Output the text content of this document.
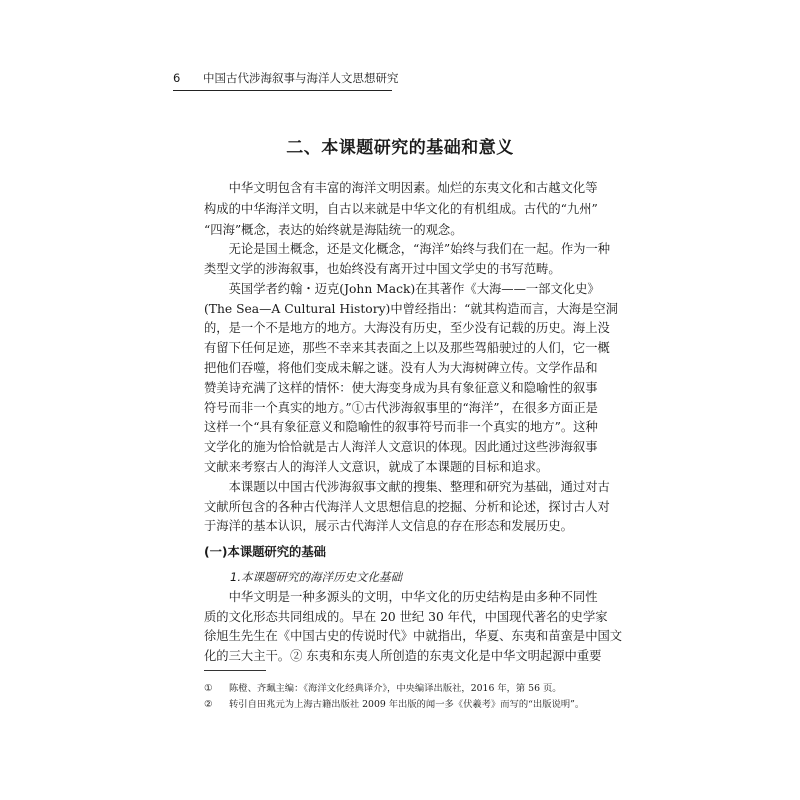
6 中国古代涉海叙事与海洋人文思想研究
二、本课题研究的基础和意义
　　中华文明包含有丰富的海洋文明因素。灿烂的东夷文化和古越文化等
构成的中华海洋文明，自古以来就是中华文化的有机组成。古代的“九州”
“四海”概念，表达的始终就是海陆统一的观念。
　　无论是国土概念，还是文化概念，“海洋”始终与我们在一起。作为一种
类型文学的涉海叙事，也始终没有离开过中国文学史的书写范畴。
　　英国学者约翰・迈克(John Mack)在其著作《大海——一部文化史》
(The Sea—A Cultural History)中曾经指出：“就其构造而言，大海是空洞
的，是一个不是地方的地方。大海没有历史，至少没有记载的历史。海上没
有留下任何足迹，那些不幸来其表面之上以及那些驾船驶过的人们，它一概
把他们吞噬，将他们变成未解之谜。没有人为大海树碑立传。文学作品和
赞美诗充满了这样的情怀：使大海变身成为具有象征意义和隐喻性的叙事
符号而非一个真实的地方。”①古代涉海叙事里的“海洋”，在很多方面正是
这样一个“具有象征意义和隐喻性的叙事符号而非一个真实的地方”。这种
文学化的施为恰恰就是古人海洋人文意识的体现。因此通过这些涉海叙事
文献来考察古人的海洋人文意识，就成了本课题的目标和追求。
　　本课题以中国古代涉海叙事文献的搜集、整理和研究为基础，通过对古
文献所包含的各种古代海洋人文思想信息的挖掘、分析和论述，探讨古人对
于海洋的基本认识，展示古代海洋人文信息的存在形态和发展历史。
(一)本课题研究的基础
1.本课题研究的海洋历史文化基础
　　中华文明是一种多源头的文明，中华文化的历史结构是由多种不同性
质的文化形态共同组成的。早在 20 世纪 30 年代，中国现代著名的史学家
徐旭生先生在《中国古史的传说时代》中就指出，华夏、东夷和苗蛮是中国文
化的三大主干。② 东夷和东夷人所创造的东夷文化是中华文明起源中重要
① 陈橙、齐珮主编：《海洋文化经典译介》，中央编译出版社，2016 年，第 56 页。
② 转引自田兆元为上海古籍出版社 2009 年出版的闻一多《伏羲考》而写的“出版说明”。
